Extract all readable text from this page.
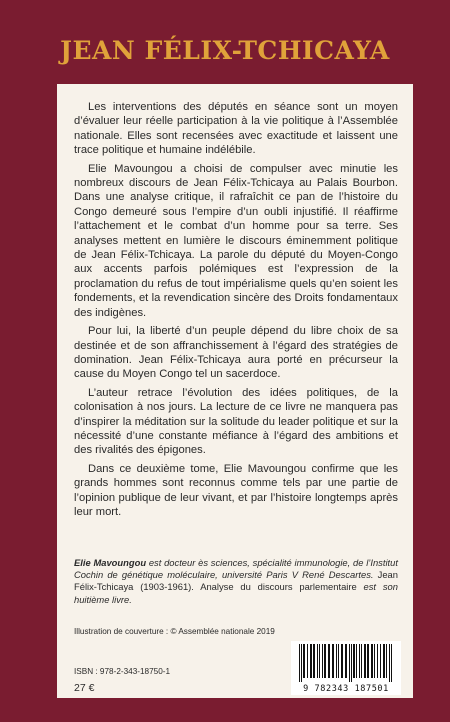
JEAN FÉLIX-TCHICAYA

Les interventions des députés en séance sont un moyen d’évaluer leur réelle participation à la vie politique à l’Assemblée nationale. Elles sont recensées avec exactitude et laissent une trace politique et humaine indélébile.

Elie Mavoungou a choisi de compulser avec minutie les nombreux discours de Jean Félix-Tchicaya au Palais Bourbon. Dans une analyse critique, il rafraîchit ce pan de l’histoire du Congo demeuré sous l’empire d’un oubli injustifié. Il réaffirme l’attachement et le combat d’un homme pour sa terre. Ses analyses mettent en lumière le discours éminemment politique de Jean Félix-Tchicaya. La parole du député du Moyen-Congo aux accents parfois polémiques est l’expression de la proclamation du refus de tout impérialisme quels qu’en soient les fondements, et la revendication sincère des Droits fondamentaux des indigènes.

Pour lui, la liberté d’un peuple dépend du libre choix de sa destinée et de son affranchissement à l’égard des stratégies de domination. Jean Félix-Tchicaya aura porté en précurseur la cause du Moyen Congo tel un sacerdoce.

L’auteur retrace l’évolution des idées politiques, de la colonisation à nos jours. La lecture de ce livre ne manquera pas d’inspirer la méditation sur la solitude du leader politique et sur la nécessité d’une constante méfiance à l’égard des ambitions et des rivalités des épigones.

Dans ce deuxième tome, Elie Mavoungou confirme que les grands hommes sont reconnus comme tels par une partie de l’opinion publique de leur vivant, et par l’histoire longtemps après leur mort.

Elie Mavoungou est docteur ès sciences, spécialité immunologie, de l’Institut Cochin de génétique moléculaire, université Paris V René Descartes. Jean Félix-Tchicaya (1903-1961). Analyse du discours parlementaire est son huitième livre.
Illustration de couverture : © Assemblée nationale 2019
ISBN : 978-2-343-18750-1
27 €	9 782343 187501
